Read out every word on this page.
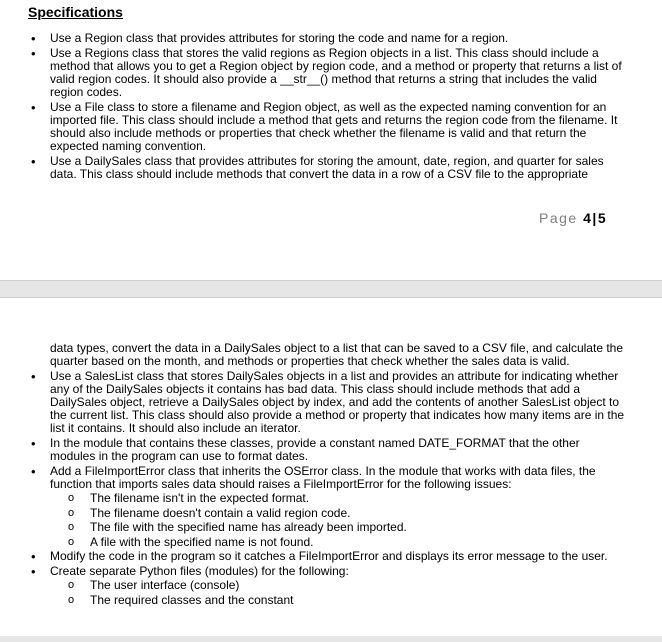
Specifications
• Use a Region class that provides attributes for storing the code and name for a region.
• Use a Regions class that stores the valid regions as Region objects in a list. This class should include a method that allows you to get a Region object by region code, and a method or property that returns a list of valid region codes. It should also provide a __str__() method that returns a string that includes the valid region codes.
• Use a File class to store a filename and Region object, as well as the expected naming convention for an imported file. This class should include a method that gets and returns the region code from the filename. It should also include methods or properties that check whether the filename is valid and that return the expected naming convention.
• Use a DailySales class that provides attributes for storing the amount, date, region, and quarter for sales data. This class should include methods that convert the data in a row of a CSV file to the appropriate
Page 4|5
data types, convert the data in a DailySales object to a list that can be saved to a CSV file, and calculate the quarter based on the month, and methods or properties that check whether the sales data is valid.
• Use a SalesList class that stores DailySales objects in a list and provides an attribute for indicating whether any of the DailySales objects it contains has bad data. This class should include methods that add a DailySales object, retrieve a DailySales object by index, and add the contents of another SalesList object to the current list. This class should also provide a method or property that indicates how many items are in the list it contains. It should also include an iterator.
• In the module that contains these classes, provide a constant named DATE_FORMAT that the other modules in the program can use to format dates.
• Add a FileImportError class that inherits the OSError class. In the module that works with data files, the function that imports sales data should raises a FileImportError for the following issues:
o The filename isn't in the expected format.
o The filename doesn't contain a valid region code.
o The file with the specified name has already been imported.
o A file with the specified name is not found.
• Modify the code in the program so it catches a FileImportError and displays its error message to the user.
• Create separate Python files (modules) for the following:
o The user interface (console)
o The required classes and the constant
